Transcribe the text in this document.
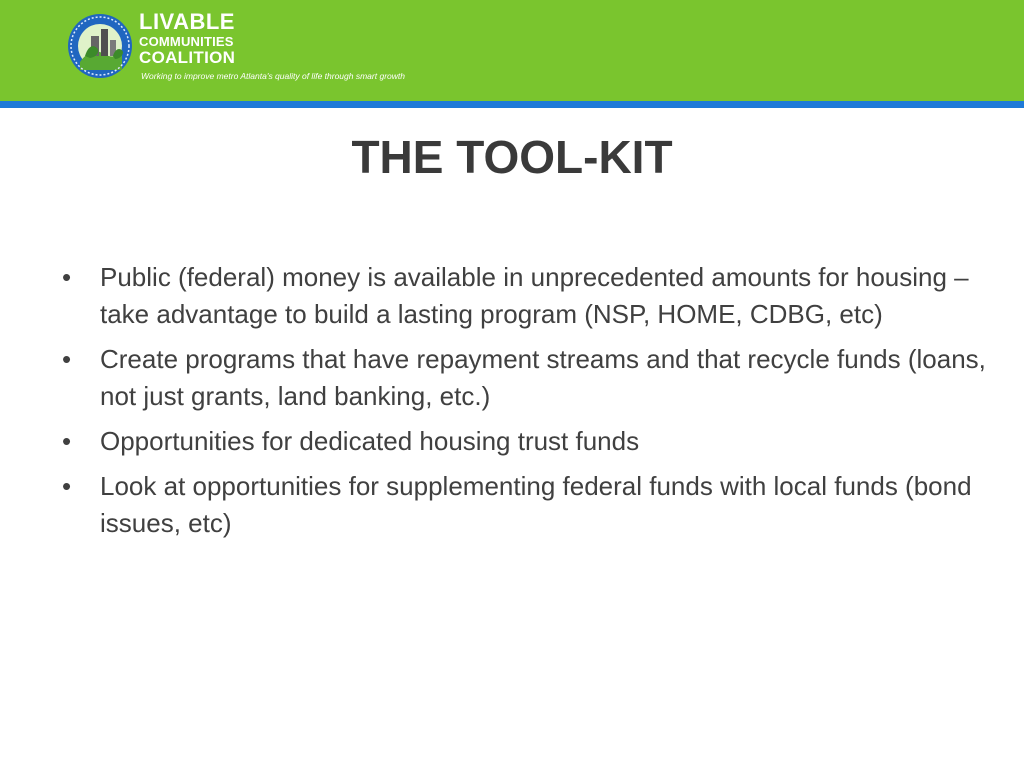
LIVABLE
COMMUNITIES
COALITION
Working to improve metro Atlanta's quality of life through smart growth
THE TOOL-KIT
• Public (federal) money is available in unprecedented amounts for housing – take advantage to build a lasting program (NSP, HOME, CDBG, etc)
• Create programs that have repayment streams and that recycle funds (loans, not just grants, land banking, etc.)
• Opportunities for dedicated housing trust funds
• Look at opportunities for supplementing federal funds with local funds (bond issues, etc)
